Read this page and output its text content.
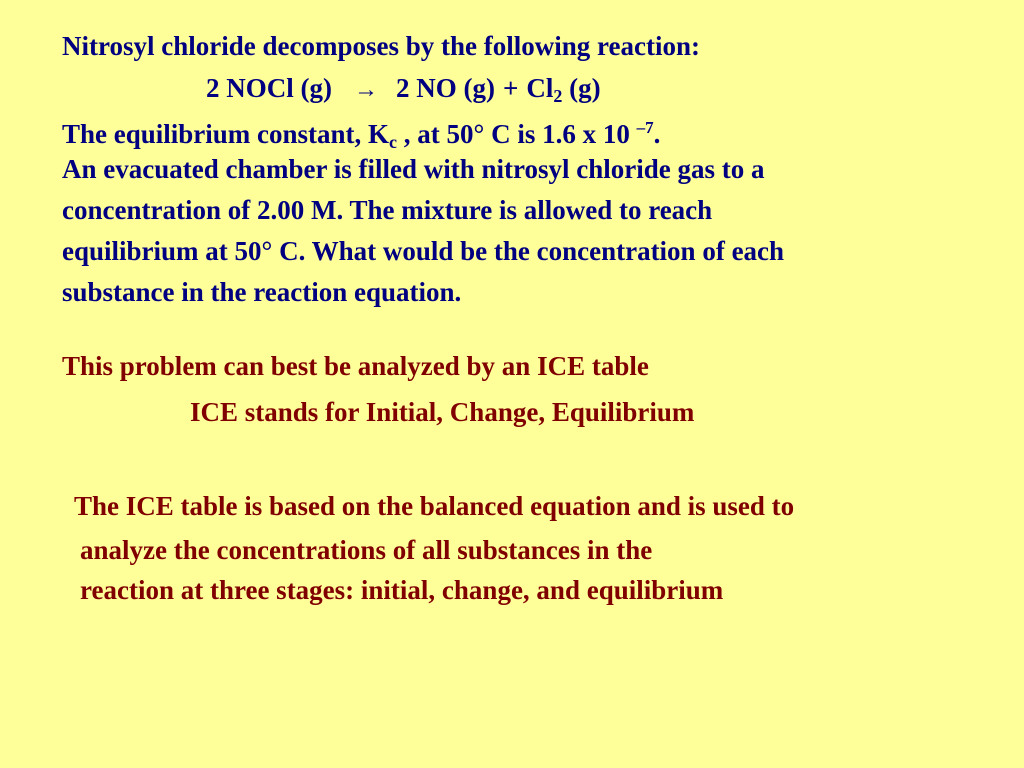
Nitrosyl chloride decomposes by the following reaction:
2 NOCl (g) → 2 NO $(g) + Cl_2$ (g)
The equilibrium constant, $K_c$ , at 50° C is 1.6 x 10 $^{-7}$.
An evacuated chamber is filled with nitrosyl chloride gas to a
concentration of 2.00 M. The mixture is allowed to reach
equilibrium at 50° C. What would be the concentration of each
substance in the reaction equation.
This problem can best be analyzed by an ICE table
ICE stands for Initial, Change, Equilibrium
The ICE table is based on the balanced equation and is used to
analyze the concentrations of all substances in the
reaction at three stages: initial, change, and equilibrium
